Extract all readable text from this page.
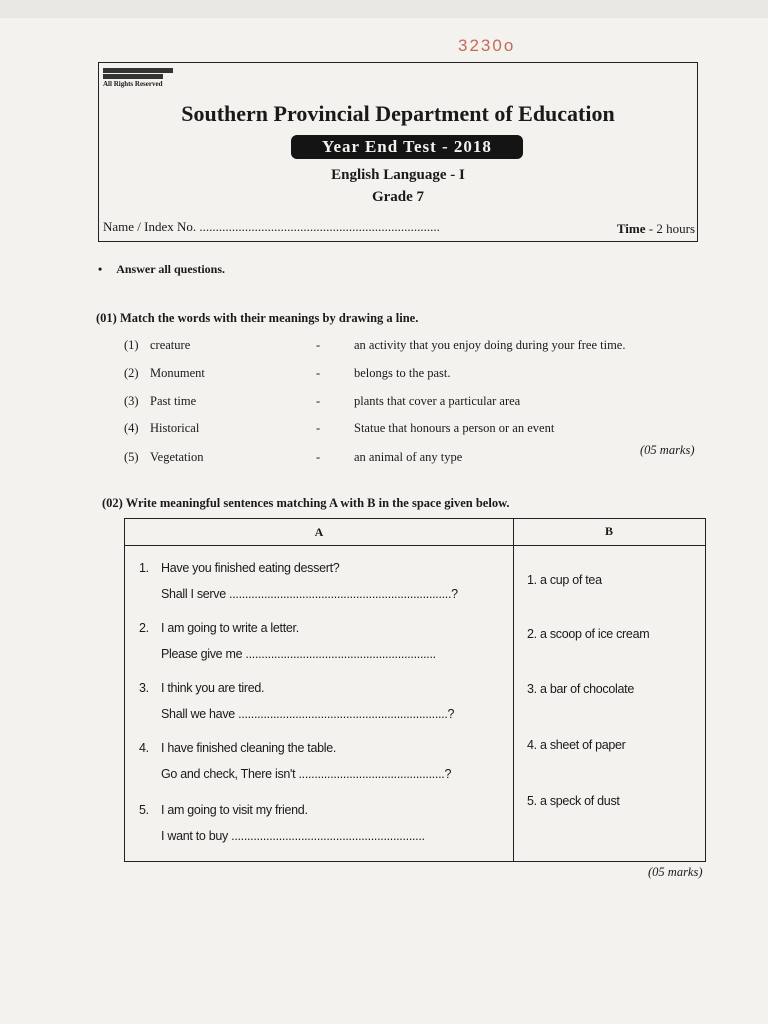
3230o
All Rights Reserved
Southern Provincial Department of Education
Year End Test - 2018
English Language - I
Grade 7
Name / Index No. ..........................................................................	Time - 2 hours
• Answer all questions.
(01) Match the words with their meanings by drawing a line.
(1) creature	-	an activity that you enjoy doing during your free time.
(2) Monument	-	belongs to the past.
(3) Past time	-	plants that cover a particular area
(4) Historical	-	Statue that honours a person or an event
(5) Vegetation	-	an animal of any type	(05 marks)
(02) Write meaningful sentences matching A with B in the space given below.
A	B
1. Have you finished eating dessert?
Shall I serve ......................................................................?
2. I am going to write a letter.
Please give me ............................................................
3. I think you are tired.
Shall we have ..................................................................?
4. I have finished cleaning the table.
Go and check, There isn't ..............................................?
5. I am going to visit my friend.
I want to buy .............................................................
1. a cup of tea
2. a scoop of ice cream
3. a bar of chocolate
4. a sheet of paper
5. a speck of dust
(05 marks)
